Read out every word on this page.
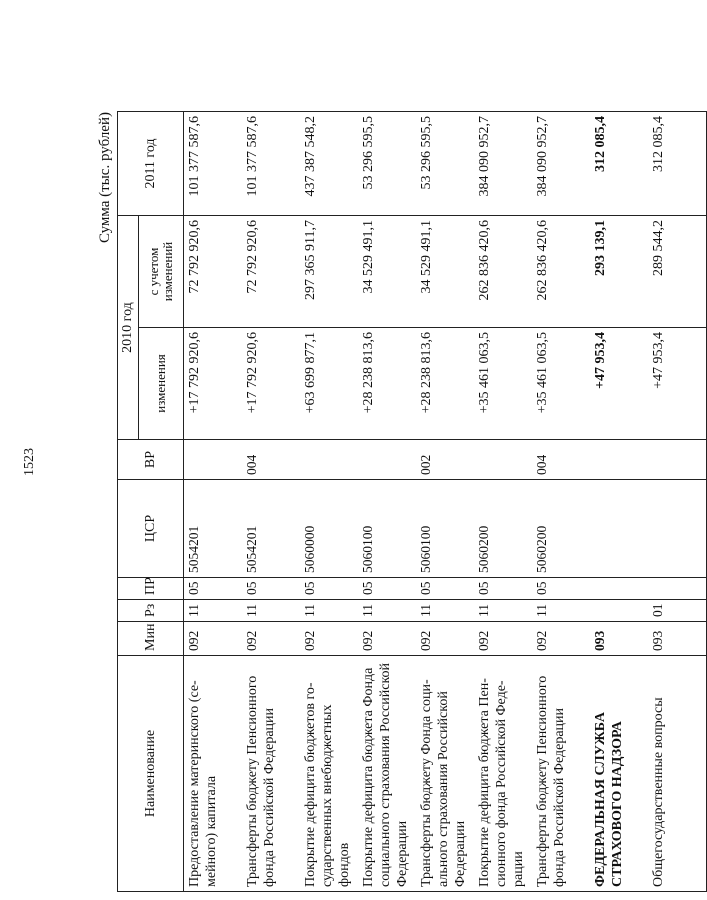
1523
Сумма (тыс. рублей)
Наименование	Мин	Рз	ПР	ЦСР	ВР	2010 год		2011 год
						изменения	с учетом изменений	
Предоставление материнского (семейного) капитала	092	11	05	5054201		+17 792 920,6	72 792 920,6	101 377 587,6
Трансферты бюджету Пенсионного фонда Российской Федерации	092	11	05	5054201	004	+17 792 920,6	72 792 920,6	101 377 587,6
Покрытие дефицита бюджетов государственных внебюджетных фондов	092	11	05	5060000		+63 699 877,1	297 365 911,7	437 387 548,2
Покрытие дефицита бюджета Фонда социального страхования Российской Федерации	092	11	05	5060100		+28 238 813,6	34 529 491,1	53 296 595,5
Трансферты бюджету Фонда социального страхования Российской Федерации	092	11	05	5060100	002	+28 238 813,6	34 529 491,1	53 296 595,5
Покрытие дефицита бюджета Пенсионного фонда Российской Федерации	092	11	05	5060200		+35 461 063,5	262 836 420,6	384 090 952,7
Трансферты бюджету Пенсионного фонда Российской Федерации	092	11	05	5060200	004	+35 461 063,5	262 836 420,6	384 090 952,7
ФЕДЕРАЛЬНАЯ СЛУЖБА СТРАХОВОГО НАДЗОРА	093					+47 953,4	293 139,1	312 085,4
Общегосударственные вопросы	093	01				+47 953,4	289 544,2	312 085,4
